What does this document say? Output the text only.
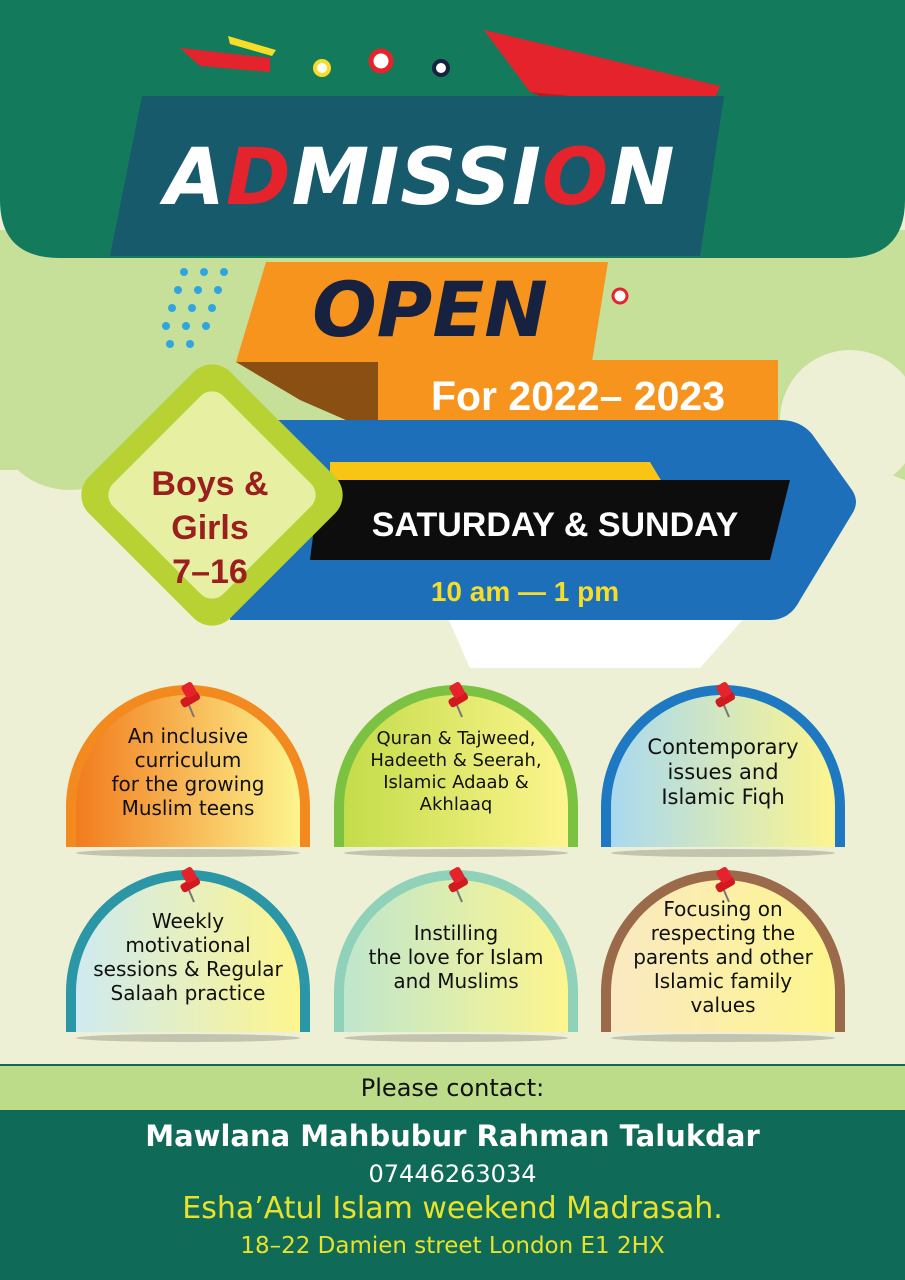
ADMISSION
OPEN
For 2022– 2023
Boys & Girls
7–16
SATURDAY & SUNDAY
10 am — 1 pm
An inclusive
curriculum
for the growing
Muslim teens
Quran & Tajweed,
Hadeeth & Seerah,
Islamic Adaab &
Akhlaaq
Contemporary
issues and
Islamic Fiqh
Weekly
motivational
sessions & Regular
Salaah practice
Instilling
the love for Islam
and Muslims
Focusing on
respecting the
parents and other
Islamic family
values
Please contact:
Mawlana Mahbubur Rahman Talukdar
07446263034
Esha’Atul Islam weekend Madrasah.
18–22 Damien street London E1 2HX
